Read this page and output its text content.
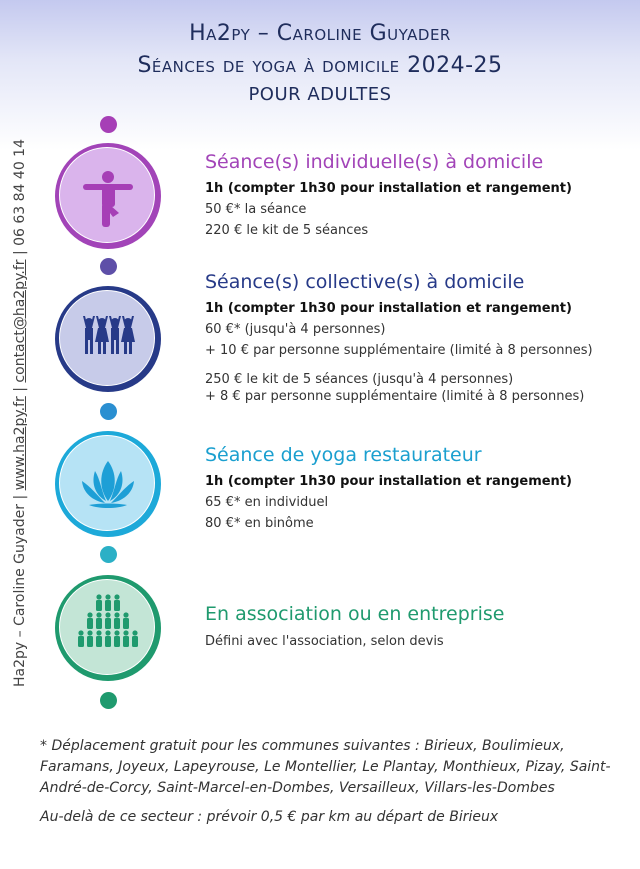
Ha2py – Caroline Guyader
Séances de yoga à domicile 2024-25
POUR ADULTES
Ha2py – Caroline Guyader | www.ha2py.fr | contact@ha2py.fr | 06 63 84 40 14	Séance(s) individuelle(s) à domicile
1h (compter 1h30 pour installation et rangement)
50 €* la séance
220 € le kit de 5 séances
Séance(s) collective(s) à domicile
1h (compter 1h30 pour installation et rangement)
60 €* (jusqu'à 4 personnes)
+ 10 € par personne supplémentaire (limité à 8 personnes)
250 € le kit de 5 séances (jusqu'à 4 personnes)
+ 8 € par personne supplémentaire (limité à 8 personnes)
Séance de yoga restaurateur
1h (compter 1h30 pour installation et rangement)
65 €* en individuel
80 €* en binôme
En association ou en entreprise
Défini avec l'association, selon devis

* Déplacement gratuit pour les communes suivantes : Birieux, Boulimieux, Faramans, Joyeux, Lapeyrouse, Le Montellier, Le Plantay, Monthieux, Pizay, Saint-André-de-Corcy, Saint-Marcel-en-Dombes, Versailleux, Villars-les-Dombes

Au-delà de ce secteur : prévoir 0,5 € par km au départ de Birieux
